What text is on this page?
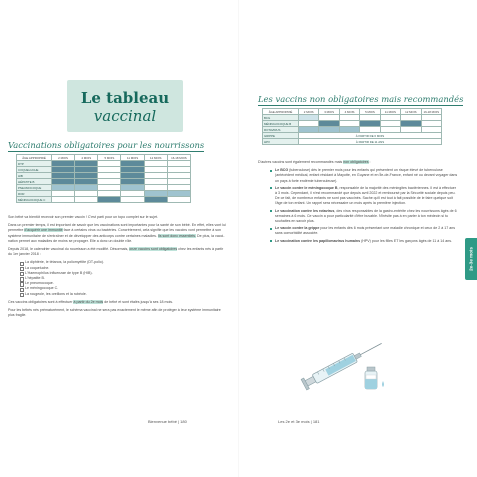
Le tableau
vaccinal
Vaccinations obligatoires pour les nourrissons
ÂGE APPROPRIÉ	2 MOIS	4 MOIS	5 MOIS	11 MOIS	12 MOIS	16-18 MOIS
DTP						
COQUELUCHE						
HIB						
HÉPATITE B						
PNEUMOCOQUE						
ROR						
MÉNINGOCOQUE C						

Son bébé va bientôt recevoir son premier vaccin ! C'est parti pour un topo complet sur le sujet.

Dans un premier temps, il est important de savoir que les vaccinations sont importantes pour la santé de son bébé. En effet, elles vont lui permettre d'acquérir une immunité face à certains virus ou bactéries. Concrètement, cela signifie que les vaccins vont permettre à son système immunitaire de s'entraîner et de développer des anticorps contre certaines maladies. Ils sont donc essentiels. De plus, la vaccination permet aux maladies de moins se propager. Elle a donc un double rôle.

Depuis 2018, le calendrier vaccinal du nourrisson a été modifié. Désormais, onze vaccins sont obligatoires chez les enfants nés à partir du 1er janvier 2018 :

La diphtérie, le tétanos, la poliomyélite (DT-polio).
La coqueluche.
L'Haemophilus influenzae de type B (HIB).
L'hépatite B.
Le pneumocoque.
Le méningocoque C.
La rougeole, les oreillons et la rubéole.

Ces vaccins obligatoires sont à effectuer à partir du 2e mois de bébé et sont étalés jusqu'à ses 18 mois.

Pour les bébés nés prématurément, le schéma vaccinal ne sera pas exactement le même afin de protéger à leur système immunitaire plus fragile.

Bienvenue bébé | 180
Les vaccins non obligatoires mais recommandés
ÂGE APPROPRIÉ	2 MOIS	3 MOIS	4 MOIS	5 MOIS	11 MOIS	12 MOIS	16-18 MOIS
BCG							
MÉNINGOCOQUE B							
ROTAVIRUS							
GRIPPE	À PARTIR DE 6 MOIS						
HPV	À PARTIR DE 11 ANS						

D'autres vaccins sont également recommandés mais non obligatoires :

Le BCG (tuberculose) dès le premier mois pour les enfants qui présentent un risque élevé de tuberculose (antécédent médical, enfant résidant à Mayotte, en Guyane et en Île-de-France, enfant né ou devant voyager dans un pays à forte endémie tuberculeuse).
Le vaccin contre le méningocoque B, responsable de la majorité des méningites bactériennes. Il est à effectuer à 3 mois. Cependant, il n'est recommandé que depuis avril 2022 et remboursé par la Sécurité sociale depuis peu. De ce fait, de nombreux enfants ne sont pas vaccinés. Sache qu'il est tout à fait possible de le faire quelque soit l'âge de ton enfant. Un rappel sera nécessaire un mois après la première injection.
Le vaccination contre les rotavirus, des virus responsables de la gastro-entérite chez les nourrissons âgés de 6 semaines à 6 mois. Ce vaccin a pour particularité d'être buvable. N'hésite pas à en parler à ton médecin si tu souhaites en savoir plus.
Le vaccin contre la grippe pour les enfants dès 6 mois présentant une maladie chronique et ceux de 2 à 17 ans sans comorbidité associée.
Le vaccination contre les papillomavirus humains (HPV) pour les filles ET les garçons âgés de 11 à 14 ans.
Les 2e et 3e mois | 181
2e-3e mois
